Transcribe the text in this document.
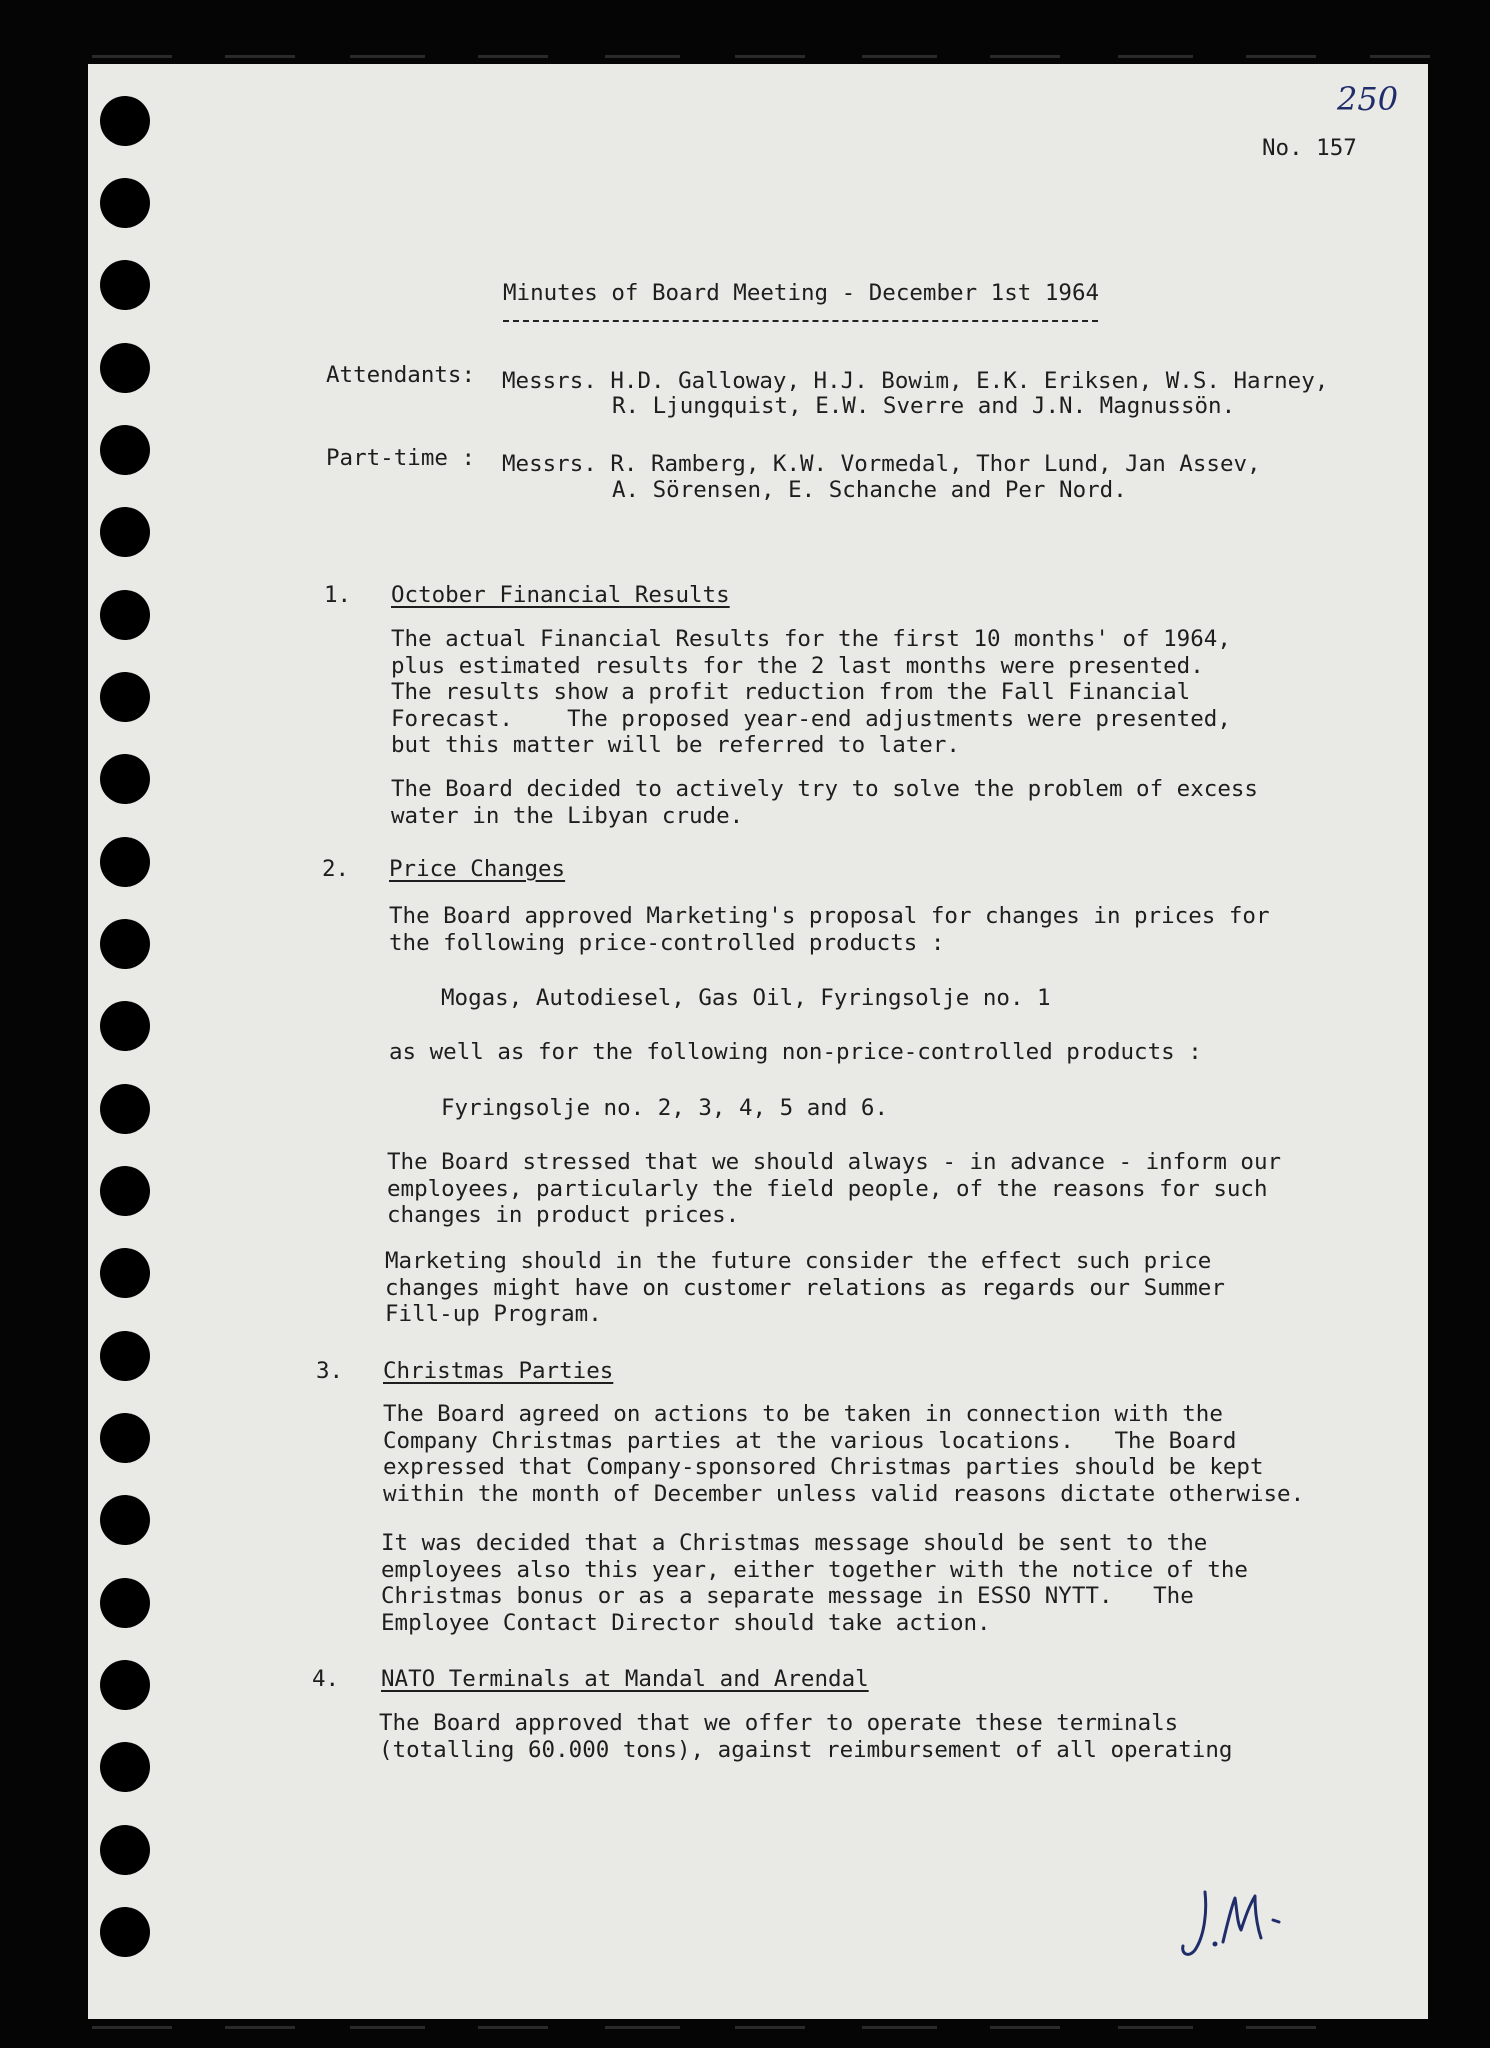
250

No. 157

Minutes of Board Meeting - December 1st 1964

Attendants: Messrs. H.D. Galloway, H.J. Bowim, E.K. Eriksen, W.S. Harney,

R. Ljungquist, E.W. Sverre and J.N. Magnussön.

Part-time : Messrs. R. Ramberg, K.W. Vormedal, Thor Lund, Jan Assev,

A. Sörensen, E. Schanche and Per Nord.

1. October Financial Results

The actual Financial Results for the first 10 months' of 1964,
plus estimated results for the 2 last months were presented.
The results show a profit reduction from the Fall Financial
Forecast.    The proposed year-end adjustments were presented,
but this matter will be referred to later.

The Board decided to actively try to solve the problem of excess
water in the Libyan crude.

2. Price Changes

The Board approved Marketing's proposal for changes in prices for
the following price-controlled products :

Mogas, Autodiesel, Gas Oil, Fyringsolje no. 1

as well as for the following non-price-controlled products :

Fyringsolje no. 2, 3, 4, 5 and 6.

The Board stressed that we should always - in advance - inform our
employees, particularly the field people, of the reasons for such
changes in product prices.

Marketing should in the future consider the effect such price
changes might have on customer relations as regards our Summer
Fill-up Program.

3. Christmas Parties

The Board agreed on actions to be taken in connection with the
Company Christmas parties at the various locations.   The Board
expressed that Company-sponsored Christmas parties should be kept
within the month of December unless valid reasons dictate otherwise.

It was decided that a Christmas message should be sent to the
employees also this year, either together with the notice of the
Christmas bonus or as a separate message in ESSO NYTT.   The
Employee Contact Director should take action.

4. NATO Terminals at Mandal and Arendal

The Board approved that we offer to operate these terminals
(totalling 60.000 tons), against reimbursement of all operating
